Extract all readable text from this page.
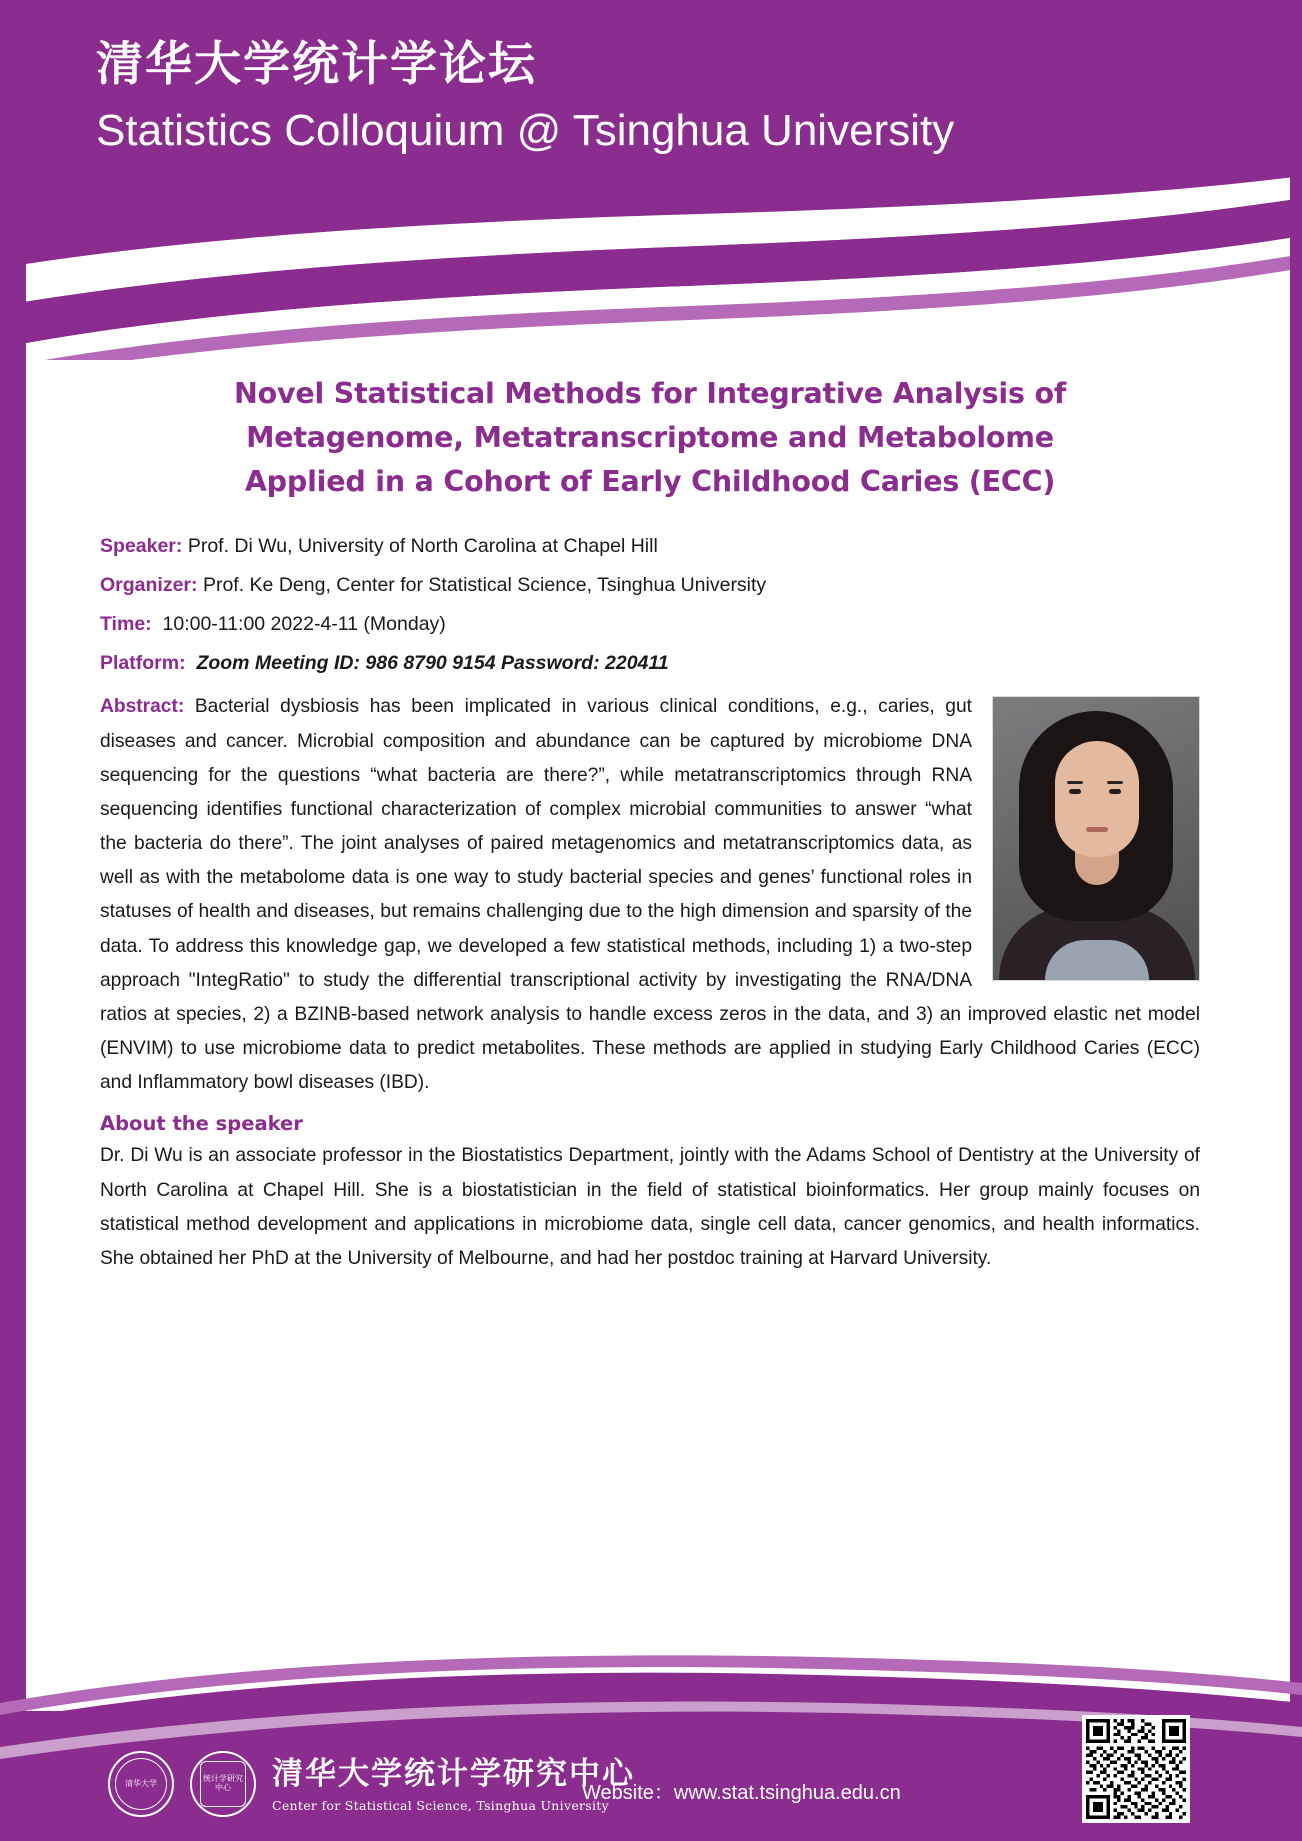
清华大学统计学论坛
Statistics Colloquium @ Tsinghua University
Novel Statistical Methods for Integrative Analysis of
Metagenome, Metatranscriptome and Metabolome
Applied in a Cohort of Early Childhood Caries (ECC)
Speaker: Prof. Di Wu, University of North Carolina at Chapel Hill
Organizer: Prof. Ke Deng, Center for Statistical Science, Tsinghua University
Time: 10:00-11:00 2022-4-11 (Monday)
Platform: Zoom Meeting ID: 986 8790 9154 Password: 220411
Abstract: Bacterial dysbiosis has been implicated in various clinical conditions, e.g., caries, gut diseases and cancer. Microbial composition and abundance can be captured by microbiome DNA sequencing for the questions “what bacteria are there?”, while metatranscriptomics through RNA sequencing identifies functional characterization of complex microbial communities to answer “what the bacteria do there”. The joint analyses of paired metagenomics and metatranscriptomics data, as well as with the metabolome data is one way to study bacterial species and genes’ functional roles in statuses of health and diseases, but remains challenging due to the high dimension and sparsity of the data. To address this knowledge gap, we developed a few statistical methods, including 1) a two-step approach "IntegRatio" to study the differential transcriptional activity by investigating the RNA/DNA ratios at species, 2) a BZINB-based network analysis to handle excess zeros in the data, and 3) an improved elastic net model (ENVIM) to use microbiome data to predict metabolites. These methods are applied in studying Early Childhood Caries (ECC) and Inflammatory bowl diseases (IBD).
About the speaker
Dr. Di Wu is an associate professor in the Biostatistics Department, jointly with the Adams School of Dentistry at the University of North Carolina at Chapel Hill. She is a biostatistician in the field of statistical bioinformatics. Her group mainly focuses on statistical method development and applications in microbiome data, single cell data, cancer genomics, and health informatics. She obtained her PhD at the University of Melbourne, and had her postdoc training at Harvard University.
清华大学	统计学研究中心	清华大学统计学研究中心
Center for Statistical Science, Tsinghua University
Website：www.stat.tsinghua.edu.cn
